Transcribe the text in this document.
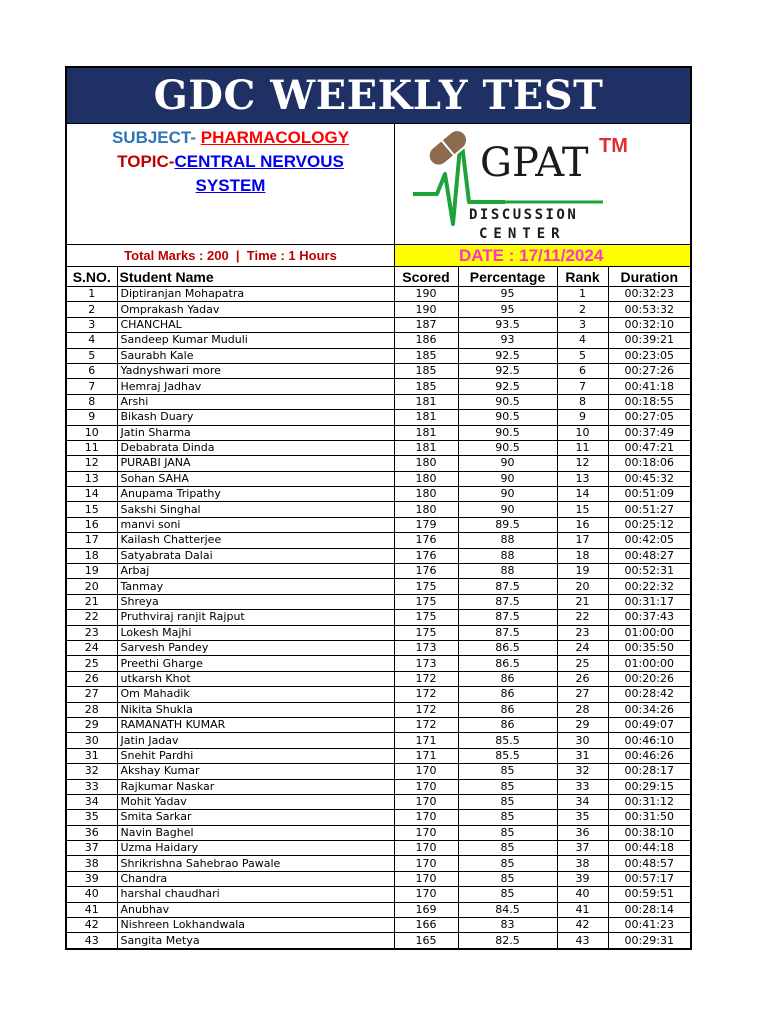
GDC WEEKLY TEST
SUBJECT- PHARMACOLOGY
TOPIC-CENTRAL NERVOUS
SYSTEM	GPAT TM
DISCUSSION
CENTER
Total Marks : 200  |  Time : 1 Hours	DATE : 17/11/2024
S.NO.	Student Name	Scored	Percentage	Rank	Duration
1	Diptiranjan Mohapatra	190	95	1	00:32:23
2	Omprakash Yadav	190	95	2	00:53:32
3	CHANCHAL	187	93.5	3	00:32:10
4	Sandeep Kumar Muduli	186	93	4	00:39:21
5	Saurabh Kale	185	92.5	5	00:23:05
6	Yadnyshwari more	185	92.5	6	00:27:26
7	Hemraj Jadhav	185	92.5	7	00:41:18
8	Arshi	181	90.5	8	00:18:55
9	Bikash Duary	181	90.5	9	00:27:05
10	Jatin Sharma	181	90.5	10	00:37:49
11	Debabrata Dinda	181	90.5	11	00:47:21
12	PURABI JANA	180	90	12	00:18:06
13	Sohan SAHA	180	90	13	00:45:32
14	Anupama Tripathy	180	90	14	00:51:09
15	Sakshi Singhal	180	90	15	00:51:27
16	manvi soni	179	89.5	16	00:25:12
17	Kailash Chatterjee	176	88	17	00:42:05
18	Satyabrata Dalai	176	88	18	00:48:27
19	Arbaj	176	88	19	00:52:31
20	Tanmay	175	87.5	20	00:22:32
21	Shreya	175	87.5	21	00:31:17
22	Pruthviraj ranjit Rajput	175	87.5	22	00:37:43
23	Lokesh Majhi	175	87.5	23	01:00:00
24	Sarvesh Pandey	173	86.5	24	00:35:50
25	Preethi Gharge	173	86.5	25	01:00:00
26	utkarsh Khot	172	86	26	00:20:26
27	Om Mahadik	172	86	27	00:28:42
28	Nikita Shukla	172	86	28	00:34:26
29	RAMANATH KUMAR	172	86	29	00:49:07
30	Jatin Jadav	171	85.5	30	00:46:10
31	Snehit Pardhi	171	85.5	31	00:46:26
32	Akshay Kumar	170	85	32	00:28:17
33	Rajkumar Naskar	170	85	33	00:29:15
34	Mohit Yadav	170	85	34	00:31:12
35	Smita Sarkar	170	85	35	00:31:50
36	Navin Baghel	170	85	36	00:38:10
37	Uzma Haidary	170	85	37	00:44:18
38	Shrikrishna Sahebrao Pawale	170	85	38	00:48:57
39	Chandra	170	85	39	00:57:17
40	harshal chaudhari	170	85	40	00:59:51
41	Anubhav	169	84.5	41	00:28:14
42	Nishreen Lokhandwala	166	83	42	00:41:23
43	Sangita Metya	165	82.5	43	00:29:31
